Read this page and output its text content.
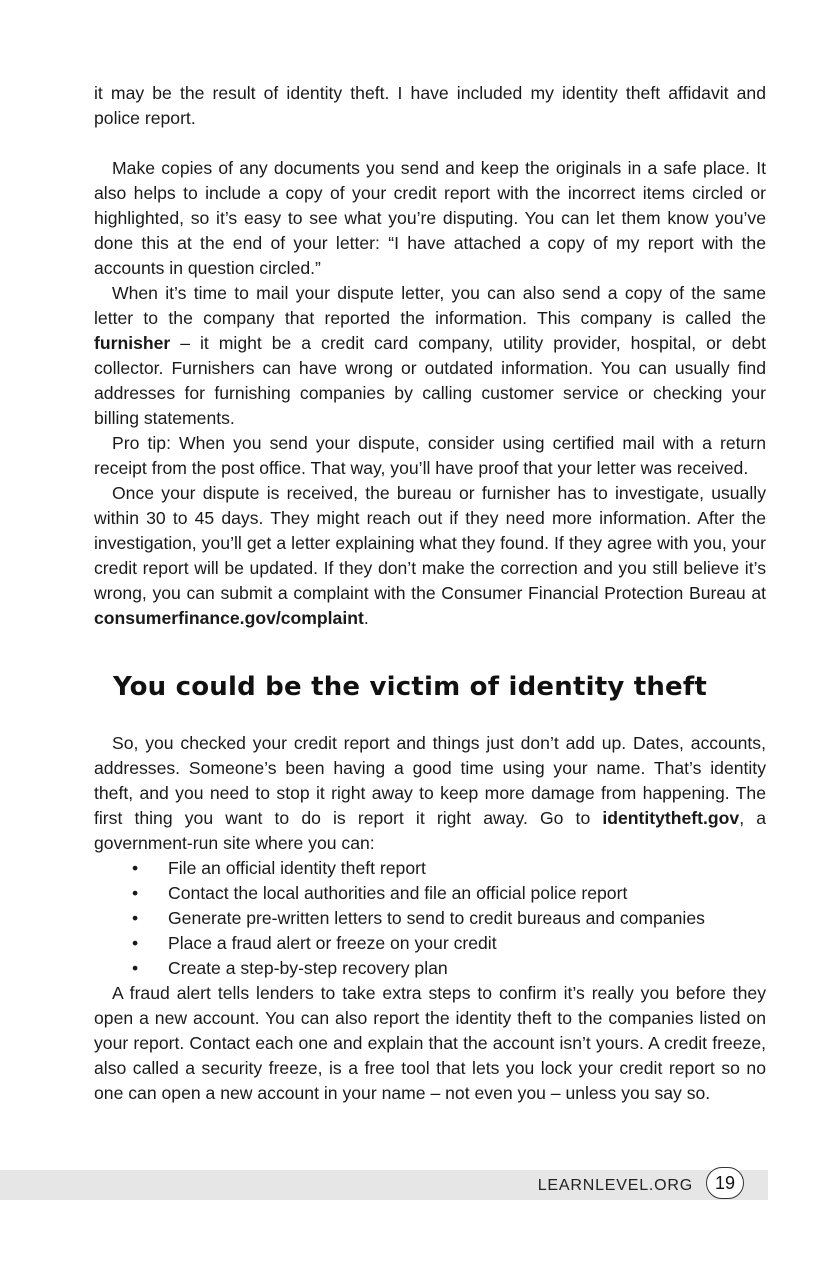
it may be the result of identity theft. I have included my identity theft affidavit and police report.

Make copies of any documents you send and keep the originals in a safe place. It also helps to include a copy of your credit report with the incorrect items circled or highlighted, so it’s easy to see what you’re disputing. You can let them know you’ve done this at the end of your letter: “I have attached a copy of my report with the accounts in question circled.”

When it’s time to mail your dispute letter, you can also send a copy of the same letter to the company that reported the information. This company is called the furnisher – it might be a credit card company, utility provider, hospital, or debt collector. Furnishers can have wrong or outdated information. You can usually find addresses for furnishing companies by calling customer service or checking your billing statements.

Pro tip: When you send your dispute, consider using certified mail with a return receipt from the post office. That way, you’ll have proof that your letter was received.

Once your dispute is received, the bureau or furnisher has to investigate, usually within 30 to 45 days. They might reach out if they need more information. After the investigation, you’ll get a letter explaining what they found. If they agree with you, your credit report will be updated. If they don’t make the correction and you still believe it’s wrong, you can submit a complaint with the Consumer Financial Protection Bureau at consumerfinance.gov/complaint.

You could be the victim of identity theft

So, you checked your credit report and things just don’t add up. Dates, accounts, addresses. Someone’s been having a good time using your name. That’s identity theft, and you need to stop it right away to keep more damage from happening. The first thing you want to do is report it right away. Go to identitytheft.gov, a government-run site where you can:

• File an official identity theft report
• Contact the local authorities and file an official police report
• Generate pre-written letters to send to credit bureaus and companies
• Place a fraud alert or freeze on your credit
• Create a step-by-step recovery plan

A fraud alert tells lenders to take extra steps to confirm it’s really you before they open a new account. You can also report the identity theft to the companies listed on your report. Contact each one and explain that the account isn’t yours. A credit freeze, also called a security freeze, is a free tool that lets you lock your credit report so no one can open a new account in your name – not even you – unless you say so.

LEARNLEVEL.ORG	19
